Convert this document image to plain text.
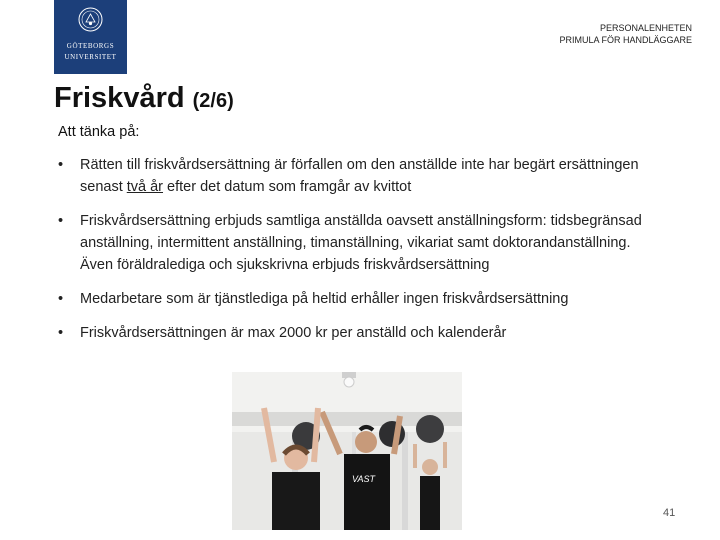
GÖTEBORGS
UNIVERSITET
PERSONALENHETEN
PRIMULA FÖR HANDLÄGGARE
Friskvård (2/6)
Att tänka på:
• Rätten till friskvårdsersättning är förfallen om den anställde inte har begärt ersättningen senast två år efter det datum som framgår av kvittot
• Friskvårdsersättning erbjuds samtliga anställda oavsett anställningsform: tidsbegränsad anställning, intermittent anställning, timanställning, vikariat samt doktorandanställning. Även föräldralediga och sjukskrivna erbjuds friskvårdsersättning
• Medarbetare som är tjänstlediga på heltid erhåller ingen friskvårdsersättning
• Friskvårdsersättningen är max 2000 kr per anställd och kalenderår
VAST
41
